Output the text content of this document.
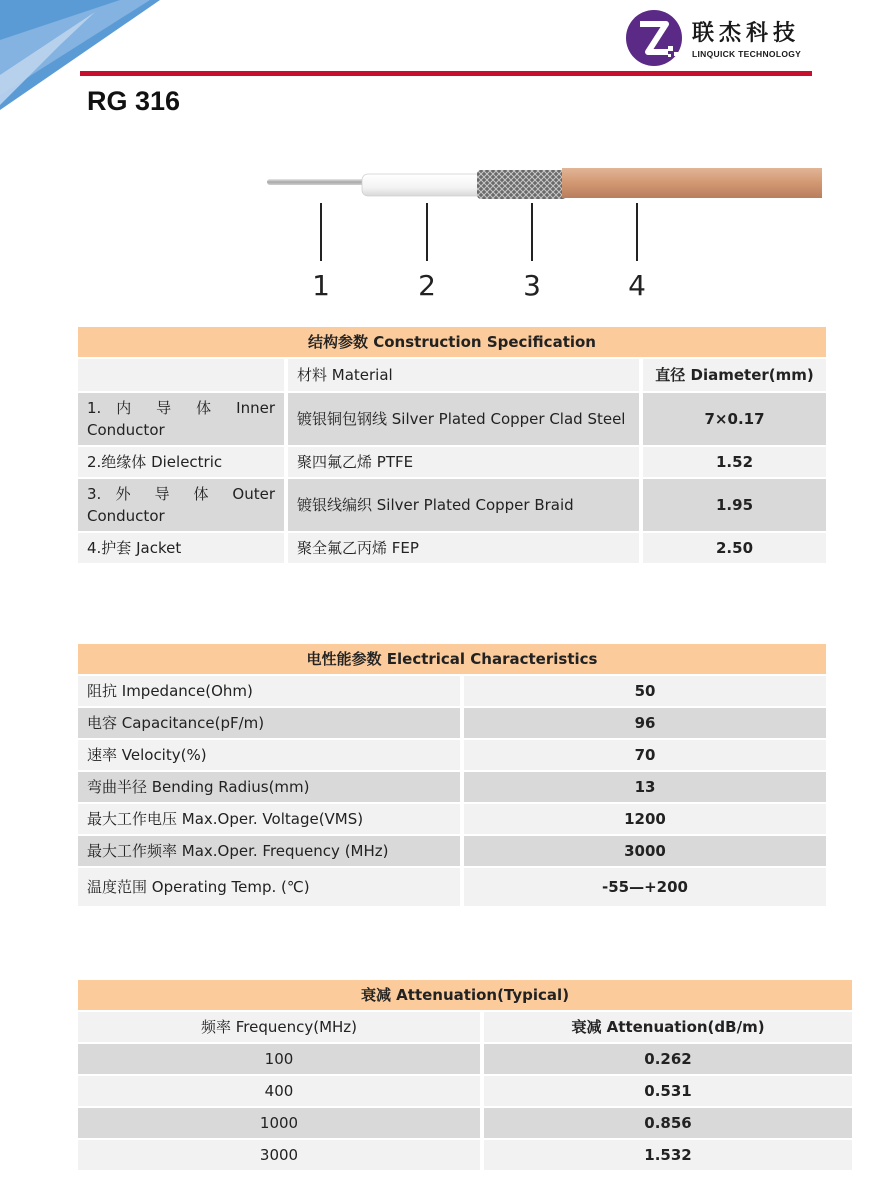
联杰科技
LINQUICK TECHNOLOGY
RG 316
1	2	3	4
结构参数 Construction Specification		
	材料 Material	直径 Diameter(mm)
1. 内 导 体 Inner Conductor	镀银铜包钢线 Silver Plated Copper Clad Steel	7×0.17
2.绝缘体 Dielectric	聚四氟乙烯 PTFE	1.52
3. 外 导 体 Outer Conductor	镀银线编织 Silver Plated Copper Braid	1.95
4.护套 Jacket	聚全氟乙丙烯 FEP	2.50
电性能参数 Electrical Characteristics	
阻抗 Impedance(Ohm)	50
电容 Capacitance(pF/m)	96
速率 Velocity(%)	70
弯曲半径 Bending Radius(mm)	13
最大工作电压 Max.Oper. Voltage(VMS)	1200
最大工作频率 Max.Oper. Frequency (MHz)	3000
温度范围 Operating Temp. (℃)	-55—+200
衰减 Attenuation(Typical)	
频率 Frequency(MHz)	衰减 Attenuation(dB/m)
100	0.262
400	0.531
1000	0.856
3000	1.532
